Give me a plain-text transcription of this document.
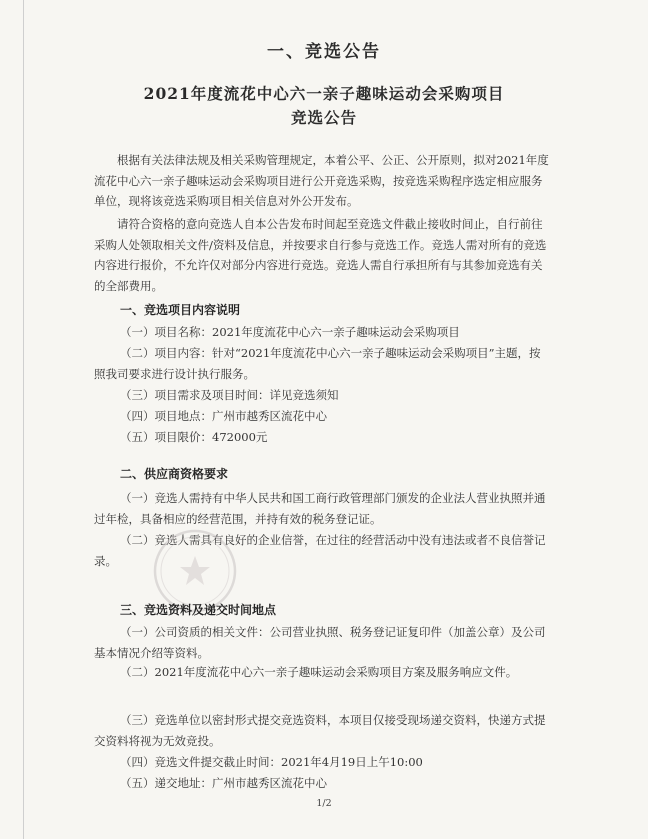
一、竞选公告
2021年度流花中心六一亲子趣味运动会采购项目
竞选公告
根据有关法律法规及相关采购管理规定，本着公平、公正、公开原则，拟对2021年度流花中心六一亲子趣味运动会采购项目进行公开竞选采购，按竞选采购程序选定相应服务单位，现将该竞选采购项目相关信息对外公开发布。
请符合资格的意向竞选人自本公告发布时间起至竞选文件截止接收时间止，自行前往采购人处领取相关文件/资料及信息，并按要求自行参与竞选工作。竞选人需对所有的竞选内容进行报价，不允许仅对部分内容进行竞选。竞选人需自行承担所有与其参加竞选有关的全部费用。
一、竞选项目内容说明
（一）项目名称：2021年度流花中心六一亲子趣味运动会采购项目
（二）项目内容：针对“2021年度流花中心六一亲子趣味运动会采购项目”主题，按照我司要求进行设计执行服务。
（三）项目需求及项目时间：详见竞选须知
（四）项目地点：广州市越秀区流花中心
（五）项目限价：472000元
二、供应商资格要求
（一）竞选人需持有中华人民共和国工商行政管理部门颁发的企业法人营业执照并通过年检，具备相应的经营范围，并持有效的税务登记证。
（二）竞选人需具有良好的企业信誉，在过往的经营活动中没有违法或者不良信誉记录。
三、竞选资料及递交时间地点
（一）公司资质的相关文件：公司营业执照、税务登记证复印件（加盖公章）及公司基本情况介绍等资料。
（二）2021年度流花中心六一亲子趣味运动会采购项目方案及服务响应文件。
（三）竞选单位以密封形式提交竞选资料，本项目仅接受现场递交资料，快递方式提交资料将视为无效竞投。
（四）竞选文件提交截止时间：2021年4月19日上午10:00
（五）递交地址：广州市越秀区流花中心
1/2
